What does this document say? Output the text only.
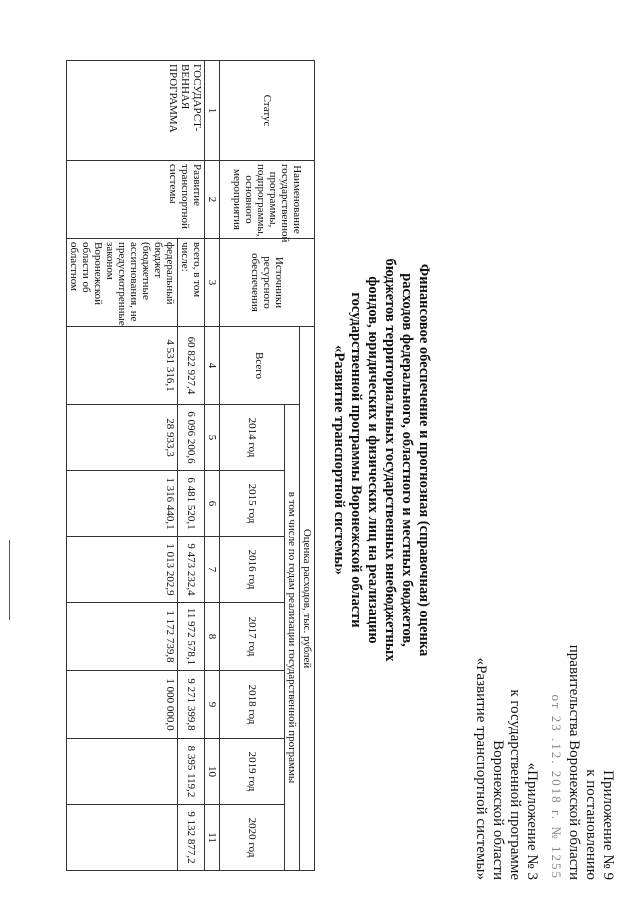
Приложение № 9
к постановлению
правительства Воронежской области
от 23 .12. 2018 г. № 1255
«Приложение № 3
к государственной программе
Воронежской области
«Развитие транспортной системы»
Финансовое обеспечение и прогнозная (справочная) оценка
расходов федерального, областного и местных бюджетов,
бюджетов территориальных государственных внебюджетных
фондов, юридических и физических лиц на реализацию
государственной программы Воронежской области
«Развитие транспортной системы»
Статус	Наименование государственной программы, подпрограммы, основного мероприятия	Источники ресурсного обеспечения	Оценка расходов, тыс. рублей							
			Всего	в том числе по годам реализации государственной программы						
				2014 год	2015 год	2016 год	2017 год	2018 год	2019 год	2020 год
1	2	3	4	5	6	7	8	9	10	11
ГОСУДАРСТ-ВЕННАЯ ПРОГРАММА	Развитие транспортной системы	всего, в том числе:	60 822 927,4	6 096 200,6	6 481 520,1	9 473 232,4	11 972 578,1	9 271 399,8	8 395 119,2	9 132 877,2
		федеральный бюджет (бюджетные ассигнования, не предусмотренные законом Воронежской области об областном	4 531 316,1	28 933,3	1 316 440,1	1 013 202,9	1 172 739,8	1 000 000,0		
